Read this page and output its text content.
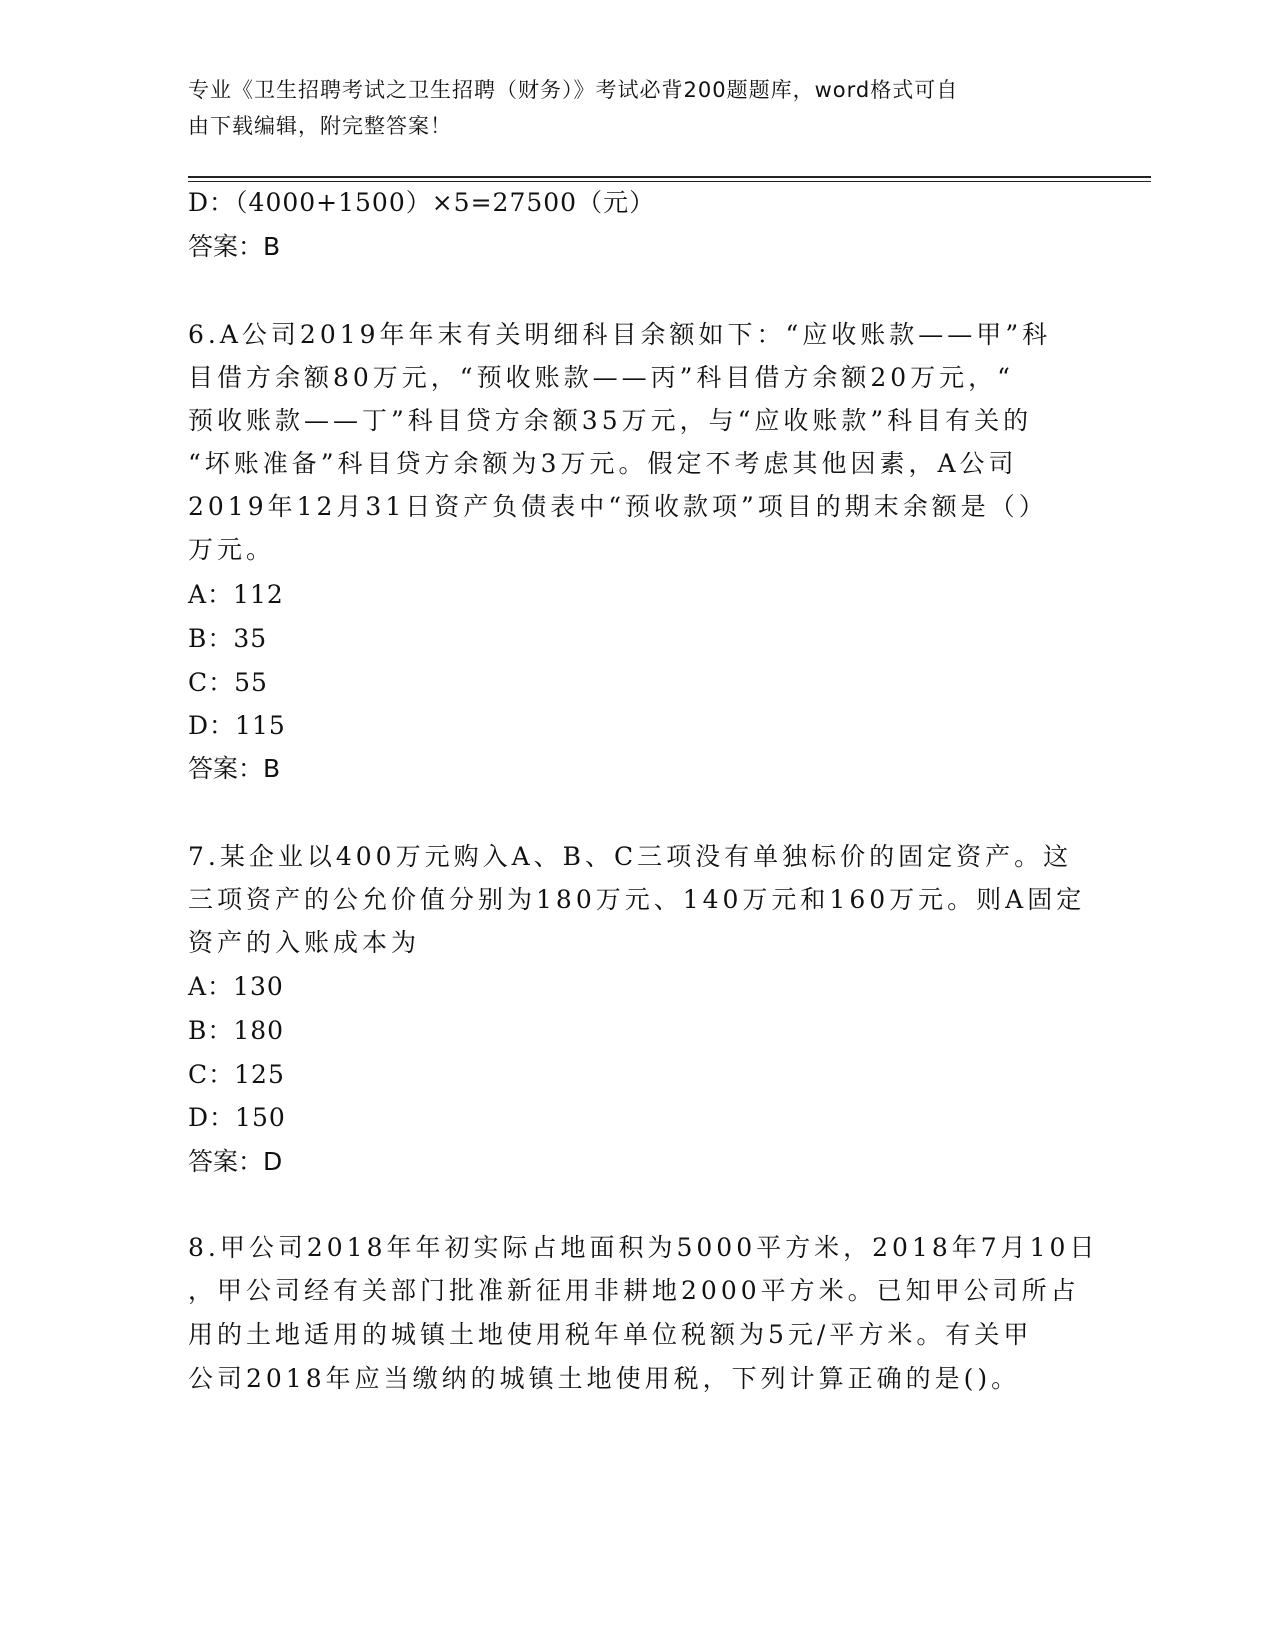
专业《卫生招聘考试之卫生招聘（财务）》考试必背200题题库，word格式可自
由下载编辑，附完整答案！
D：（4000+1500）×5=27500（元）
答案：B
6.A公司2019年年末有关明细科目余额如下：“应收账款——甲”科
目借方余额80万元，“预收账款——丙”科目借方余额20万元，“
预收账款——丁”科目贷方余额35万元，与“应收账款”科目有关的
“坏账准备”科目贷方余额为3万元。假定不考虑其他因素，A公司
2019年12月31日资产负债表中“预收款项”项目的期末余额是（）
万元。
A：112
B：35
C：55
D：115
答案：B
7.某企业以400万元购入A、B、C三项没有单独标价的固定资产。这
三项资产的公允价值分别为180万元、140万元和160万元。则A固定
资产的入账成本为
A：130
B：180
C：125
D：150
答案：D
8.甲公司2018年年初实际占地面积为5000平方米，2018年7月10日
，甲公司经有关部门批准新征用非耕地2000平方米。已知甲公司所占
用的土地适用的城镇土地使用税年单位税额为5元/平方米。有关甲
公司2018年应当缴纳的城镇土地使用税，下列计算正确的是()。
